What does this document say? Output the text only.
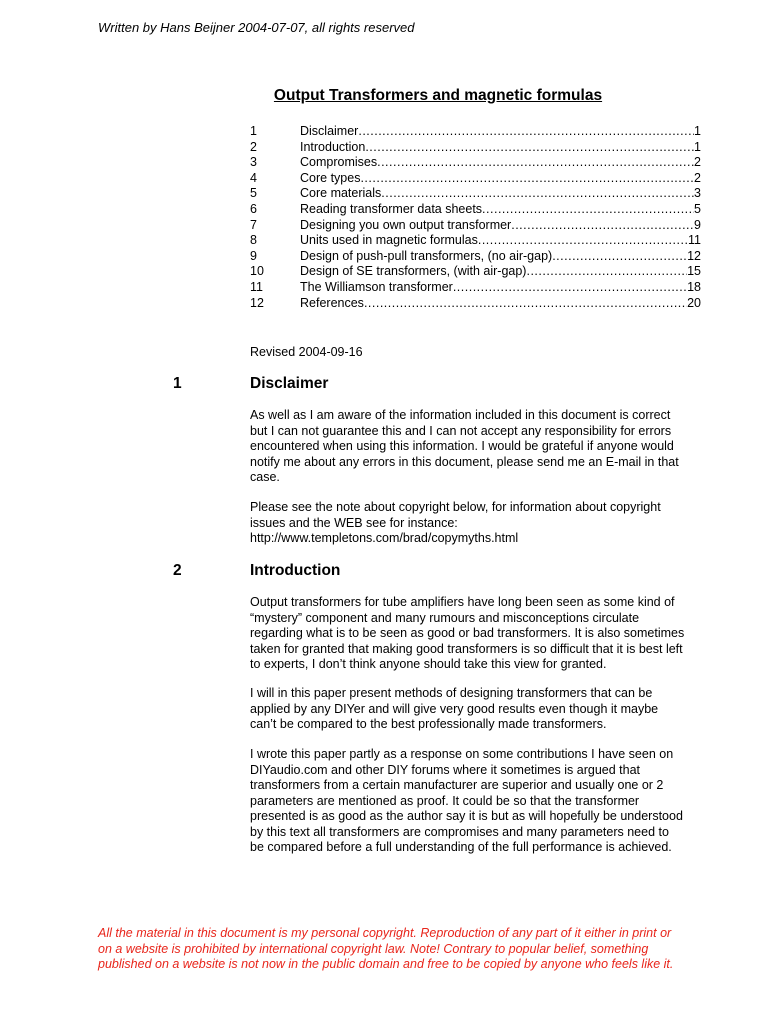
Written by Hans Beijner 2004-07-07, all rights reserved
Output Transformers and magnetic formulas
1	Disclaimer .....	1
2	Introduction .....	1
3	Compromises .....	2
4	Core types .....	2
5	Core materials .....	3
6	Reading transformer data sheets .....	5
7	Designing you own output transformer .....	9
8	Units used in magnetic formulas .....	11
9	Design of push-pull transformers, (no air-gap) .....	12
10	Design of SE transformers, (with air-gap) .....	15
11	The Williamson transformer .....	18
12	References .....	20
Revised 2004-09-16
1	Disclaimer

As well as I am aware of the information included in this document is correct
but I can not guarantee this and I can not accept any responsibility for errors
encountered when using this information. I would be grateful if anyone would
notify me about any errors in this document, please send me an E-mail in that
case.

Please see the note about copyright below, for information about copyright
issues and the WEB see for instance:
http://www.templetons.com/brad/copymyths.html

2	Introduction

Output transformers for tube amplifiers have long been seen as some kind of
“mystery” component and many rumours and misconceptions circulate
regarding what is to be seen as good or bad transformers. It is also sometimes
taken for granted that making good transformers is so difficult that it is best left
to experts, I don’t think anyone should take this view for granted.

I will in this paper present methods of designing transformers that can be
applied by any DIYer and will give very good results even though it maybe
can’t be compared to the best professionally made transformers.

I wrote this paper partly as a response on some contributions I have seen on
DIYaudio.com and other DIY forums where it sometimes is argued that
transformers from a certain manufacturer are superior and usually one or 2
parameters are mentioned as proof. It could be so that the transformer
presented is as good as the author say it is but as will hopefully be understood
by this text all transformers are compromises and many parameters need to
be compared before a full understanding of the full performance is achieved.

All the material in this document is my personal copyright. Reproduction of any part of it either in print or
on a website is prohibited by international copyright law. Note! Contrary to popular belief, something
published on a website is not now in the public domain and free to be copied by anyone who feels like it.
